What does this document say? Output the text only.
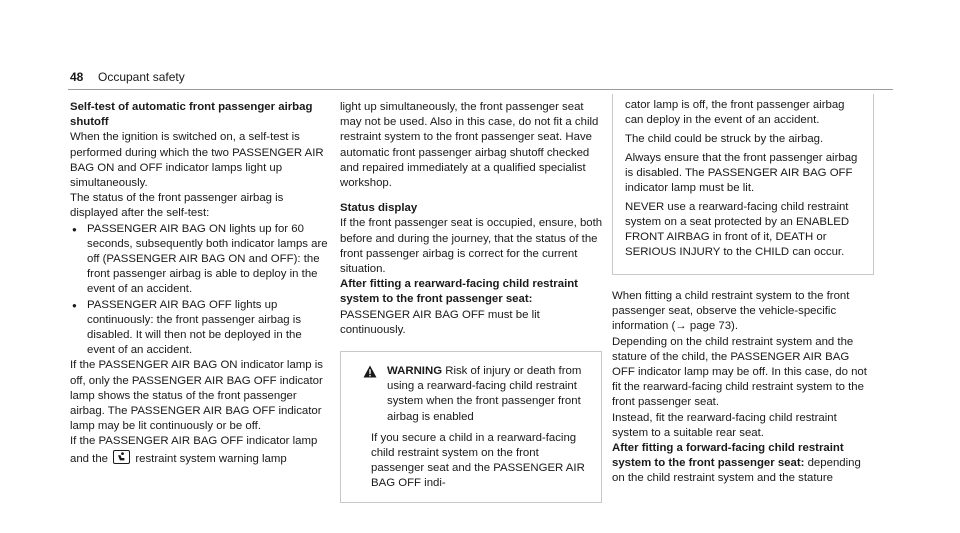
48 Occupant safety

Self-test of automatic front passenger airbag shutoff

When the ignition is switched on, a self-test is performed during which the two PASSENGER AIR BAG ON and OFF indicator lamps light up simultaneously.

The status of the front passenger airbag is displayed after the self-test:

● PASSENGER AIR BAG ON lights up for 60 seconds, subsequently both indicator lamps are off (PASSENGER AIR BAG ON and OFF): the front passenger airbag is able to deploy in the event of an accident.
● PASSENGER AIR BAG OFF lights up continuously: the front passenger airbag is disabled. It will then not be deployed in the event of an accident.

If the PASSENGER AIR BAG ON indicator lamp is off, only the PASSENGER AIR BAG OFF indicator lamp shows the status of the front passenger airbag. The PASSENGER AIR BAG OFF indicator lamp may be lit continuously or be off.

If the PASSENGER AIR BAG OFF indicator lamp and the restraint system warning lamp

light up simultaneously, the front passenger seat may not be used. Also in this case, do not fit a child restraint system to the front passenger seat. Have automatic front passenger airbag shutoff checked and repaired immediately at a qualified specialist workshop.

Status display

If the front passenger seat is occupied, ensure, both before and during the journey, that the status of the front passenger airbag is correct for the current situation.

After fitting a rearward-facing child restraint system to the front passenger seat:

PASSENGER AIR BAG OFF must be lit continuously.

WARNING Risk of injury or death from using a rearward-facing child restraint system when the front passenger front airbag is enabled

If you secure a child in a rearward-facing child restraint system on the front passenger seat and the PASSENGER AIR BAG OFF indi-

cator lamp is off, the front passenger airbag can deploy in the event of an accident.

The child could be struck by the airbag.

Always ensure that the front passenger airbag is disabled. The PASSENGER AIR BAG OFF indicator lamp must be lit.

NEVER use a rearward-facing child restraint system on a seat protected by an ENABLED FRONT AIRBAG in front of it, DEATH or SERIOUS INJURY to the CHILD can occur.

When fitting a child restraint system to the front passenger seat, observe the vehicle-specific information (→ page 73).

Depending on the child restraint system and the stature of the child, the PASSENGER AIR BAG OFF indicator lamp may be off. In this case, do not fit the rearward-facing child restraint system to the front passenger seat.

Instead, fit the rearward-facing child restraint system to a suitable rear seat.

After fitting a forward-facing child restraint system to the front passenger seat: depending on the child restraint system and the stature
